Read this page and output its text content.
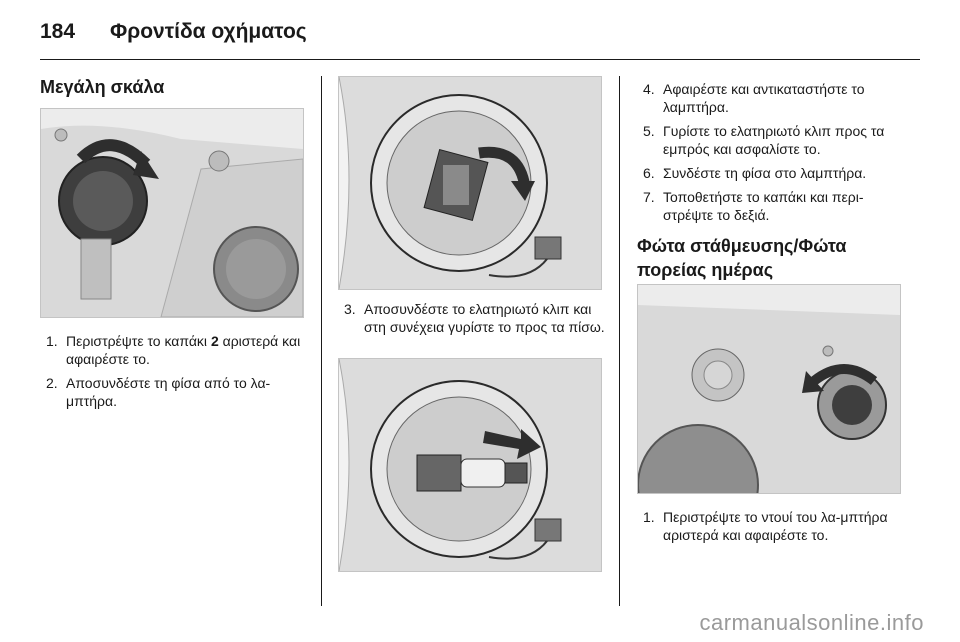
184 Φροντίδα οχήματος
Μεγάλη σκάλα
1. Περιστρέψτε το καπάκι 2 αριστερά και αφαιρέστε το.
2. Αποσυνδέστε τη φίσα από το λα-μπτήρα.
3. Αποσυνδέστε το ελατηριωτό κλιπ και στη συνέχεια γυρίστε το προς τα πίσω.
4. Αφαιρέστε και αντικαταστήστε το λαμπτήρα.
5. Γυρίστε το ελατηριωτό κλιπ προς τα εμπρός και ασφαλίστε το.
6. Συνδέστε τη φίσα στο λαμπτήρα.
7. Τοποθετήστε το καπάκι και περι-στρέψτε το δεξιά.
Φώτα στάθμευσης/Φώτα
πορείας ημέρας
1. Περιστρέψτε το ντουί του λα-μπτήρα αριστερά και αφαιρέστε το.
carmanualsonline.info
